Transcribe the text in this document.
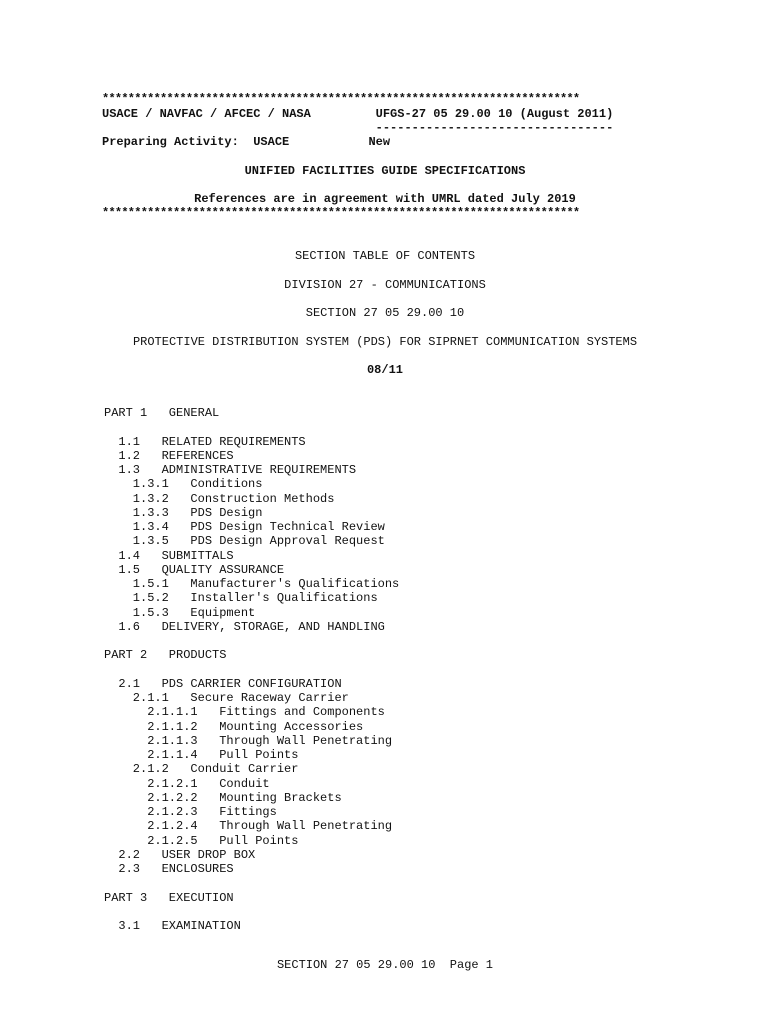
**************************************************************************
USACE / NAVFAC / AFCEC / NASA         UFGS-27 05 29.00 10 (August 2011)
---------------------------------
Preparing Activity:  USACE           New
UNIFIED FACILITIES GUIDE SPECIFICATIONS
References are in agreement with UMRL dated July 2019
**************************************************************************
SECTION TABLE OF CONTENTS
DIVISION 27 - COMMUNICATIONS
SECTION 27 05 29.00 10
PROTECTIVE DISTRIBUTION SYSTEM (PDS) FOR SIPRNET COMMUNICATION SYSTEMS
08/11
PART 1   GENERAL
1.1   RELATED REQUIREMENTS
1.2   REFERENCES
1.3   ADMINISTRATIVE REQUIREMENTS
1.3.1   Conditions
1.3.2   Construction Methods
1.3.3   PDS Design
1.3.4   PDS Design Technical Review
1.3.5   PDS Design Approval Request
1.4   SUBMITTALS
1.5   QUALITY ASSURANCE
1.5.1   Manufacturer's Qualifications
1.5.2   Installer's Qualifications
1.5.3   Equipment
1.6   DELIVERY, STORAGE, AND HANDLING
PART 2   PRODUCTS
2.1   PDS CARRIER CONFIGURATION
2.1.1   Secure Raceway Carrier
2.1.1.1   Fittings and Components
2.1.1.2   Mounting Accessories
2.1.1.3   Through Wall Penetrating
2.1.1.4   Pull Points
2.1.2   Conduit Carrier
2.1.2.1   Conduit
2.1.2.2   Mounting Brackets
2.1.2.3   Fittings
2.1.2.4   Through Wall Penetrating
2.1.2.5   Pull Points
2.2   USER DROP BOX
2.3   ENCLOSURES
PART 3   EXECUTION
3.1   EXAMINATION
SECTION 27 05 29.00 10  Page 1
